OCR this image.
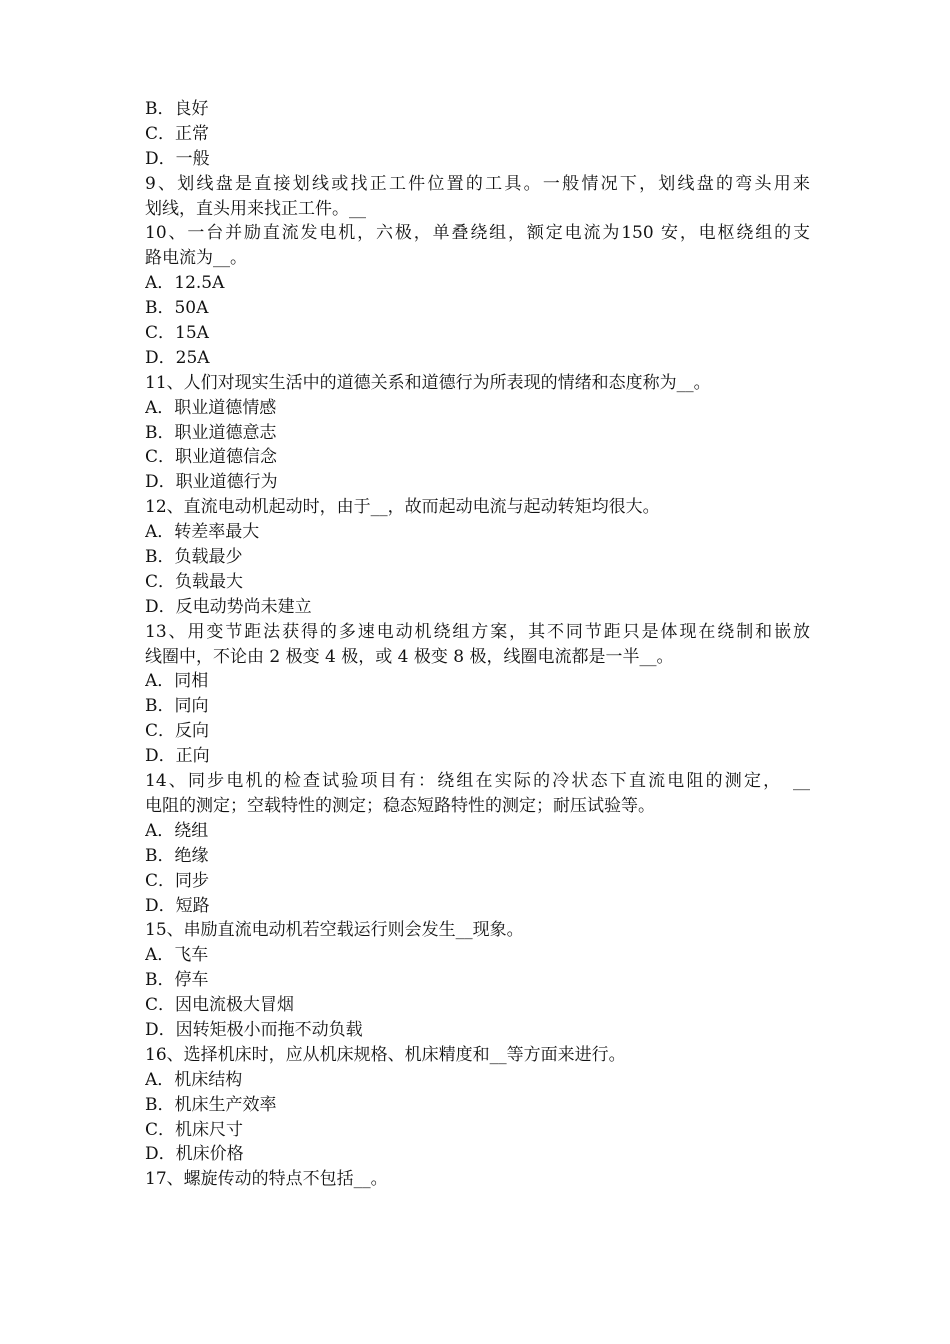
B．良好
C．正常
D．一般
9、划线盘是直接划线或找正工件位置的工具。一般情况下，划线盘的弯头用来
划线，直头用来找正工件。__
10、一台并励直流发电机，六极，单叠绕组，额定电流为150 安，电枢绕组的支
路电流为__。
A．12.5A
B．50A
C．15A
D．25A
11、人们对现实生活中的道德关系和道德行为所表现的情绪和态度称为__。
A．职业道德情感
B．职业道德意志
C．职业道德信念
D．职业道德行为
12、直流电动机起动时，由于__，故而起动电流与起动转矩均很大。
A．转差率最大
B．负载最少
C．负载最大
D．反电动势尚未建立
13、用变节距法获得的多速电动机绕组方案，其不同节距只是体现在绕制和嵌放
线圈中，不论由 2 极变 4 极，或 4 极变 8 极，线圈电流都是一半__。
A．同相
B．同向
C．反向
D．正向
14、同步电机的检查试验项目有：绕组在实际的冷状态下直流电阻的测定，　__
电阻的测定；空载特性的测定；稳态短路特性的测定；耐压试验等。
A．绕组
B．绝缘
C．同步
D．短路
15、串励直流电动机若空载运行则会发生__现象。
A．飞车
B．停车
C．因电流极大冒烟
D．因转矩极小而拖不动负载
16、选择机床时，应从机床规格、机床精度和__等方面来进行。
A．机床结构
B．机床生产效率
C．机床尺寸
D．机床价格
17、螺旋传动的特点不包括__。
